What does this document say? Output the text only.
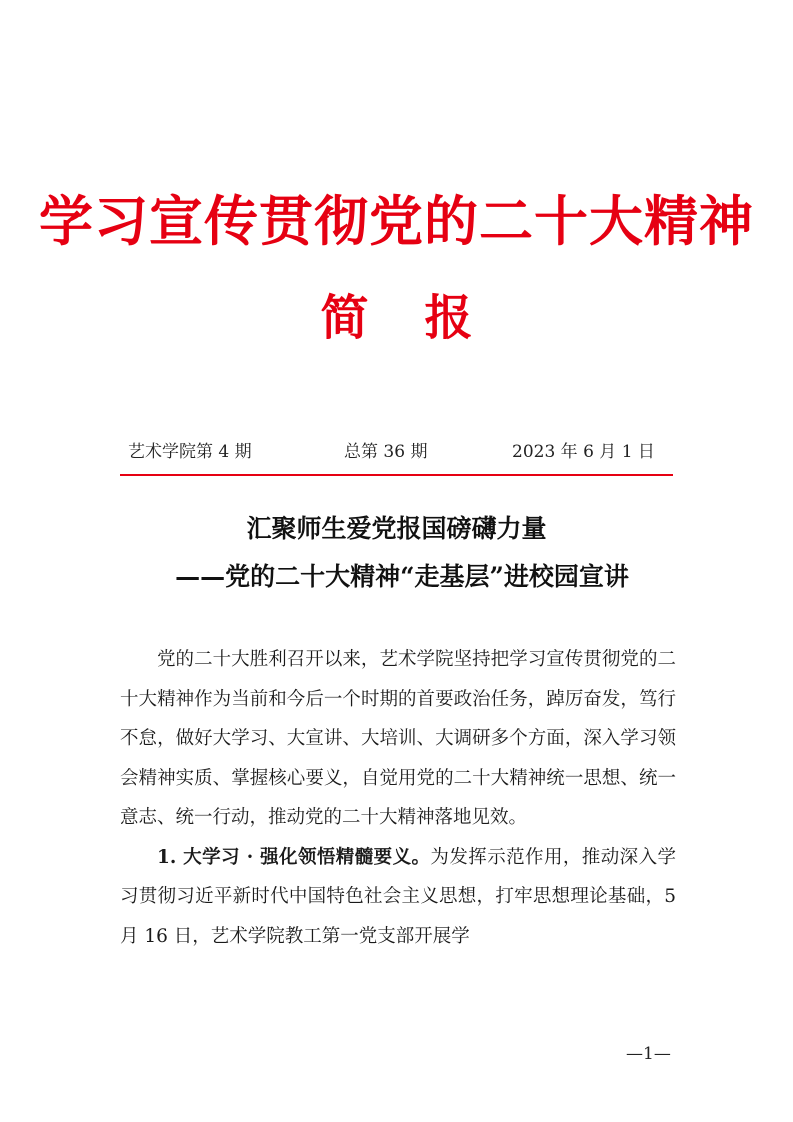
学习宣传贯彻党的二十大精神
简 报
艺术学院第 4 期	总第 36 期	2023 年 6 月 1 日
汇聚师生爱党报国磅礴力量
——党的二十大精神“走基层”进校园宣讲

党的二十大胜利召开以来，艺术学院坚持把学习宣传贯彻党的二十大精神作为当前和今后一个时期的首要政治任务，踔厉奋发，笃行不怠，做好大学习、大宣讲、大培训、大调研多个方面，深入学习领会精神实质、掌握核心要义，自觉用党的二十大精神统一思想、统一意志、统一行动，推动党的二十大精神落地见效。

1. 大学习 · 强化领悟精髓要义。为发挥示范作用，推动深入学习贯彻习近平新时代中国特色社会主义思想，打牢思想理论基础，5 月 16 日，艺术学院教工第一党支部开展学

—1—
